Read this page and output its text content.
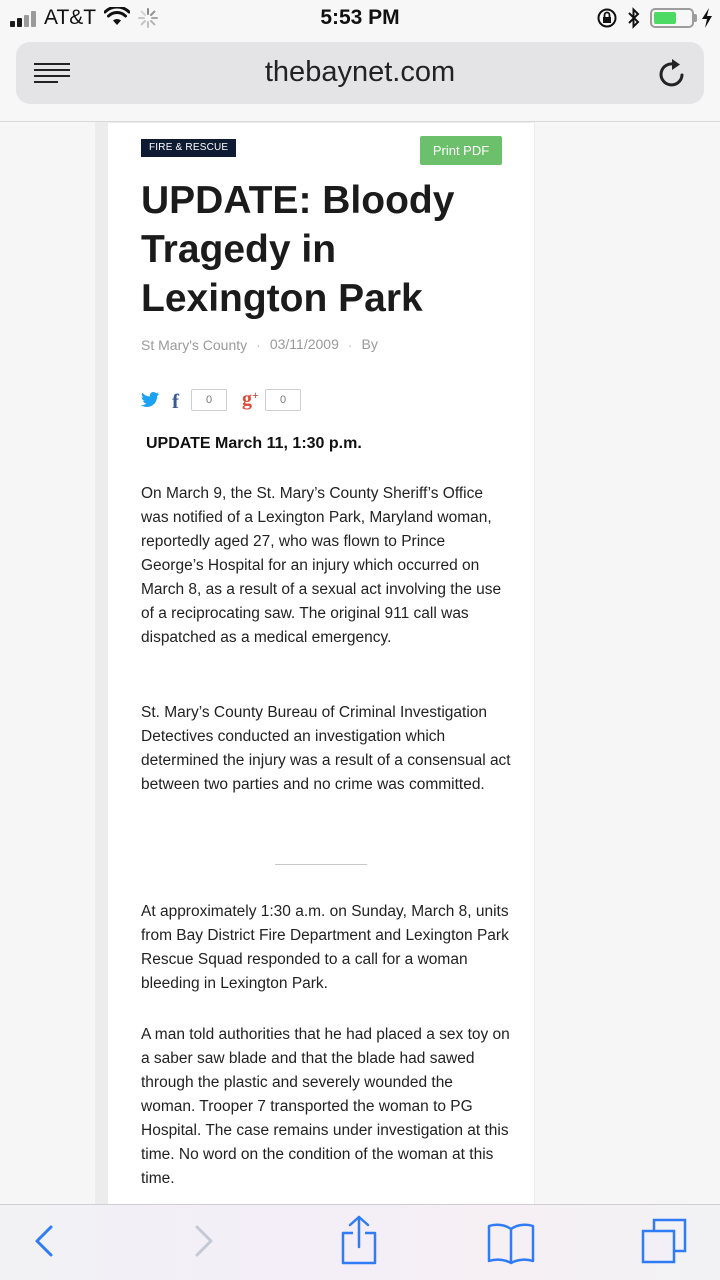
AT&T	5:53 PM
thebaynet.com
FIRE & RESCUE	Print PDF
UPDATE: Bloody Tragedy in Lexington Park
St Mary's County · 03/11/2009 · By
f	0	g+	0
UPDATE March 11, 1:30 p.m.

On March 9, the St. Mary’s County Sheriff’s Office was notified of a Lexington Park, Maryland woman, reportedly aged 27, who was flown to Prince George’s Hospital for an injury which occurred on March 8, as a result of a sexual act involving the use of a reciprocating saw. The original 911 call was dispatched as a medical emergency.

St. Mary’s County Bureau of Criminal Investigation Detectives conducted an investigation which determined the injury was a result of a consensual act between two parties and no crime was committed.

At approximately 1:30 a.m. on Sunday, March 8, units from Bay District Fire Department and Lexington Park Rescue Squad responded to a call for a woman bleeding in Lexington Park.

A man told authorities that he had placed a sex toy on a saber saw blade and that the blade had sawed through the plastic and severely wounded the woman. Trooper 7 transported the woman to PG Hospital. The case remains under investigation at this time. No word on the condition of the woman at this time.
